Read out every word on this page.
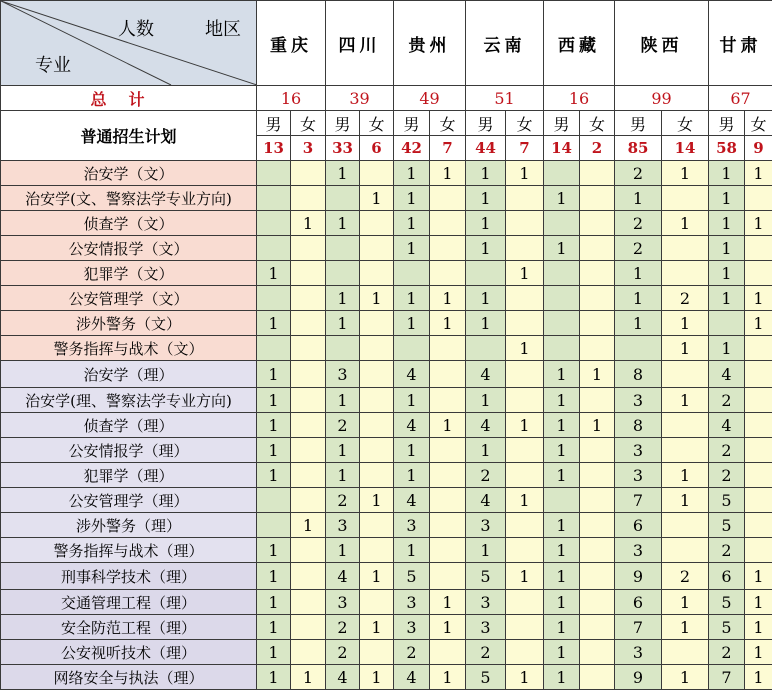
人数 地区
专业	重庆		四川		贵州		云南		西藏		陕西		甘肃	
总计	16		39		49		51		16		99		67	
普通招生计划	男	女	男	女	男	女	男	女	男	女	男	女	男	女
	13	3	33	6	42	7	44	7	14	2	85	14	58	9
治安学（文）			1		1	1	1	1			2	1	1	1
治安学(文、警察法学专业方向)				1	1		1		1		1		1	
侦查学（文）		1	1		1		1				2	1	1	1
公安情报学（文）					1		1		1		2		1	
犯罪学（文）	1							1			1		1	
公安管理学（文）			1	1	1	1	1				1	2	1	1
涉外警务（文）	1		1		1	1	1				1	1		1
警务指挥与战术（文）								1				1	1	
治安学（理）	1		3		4		4		1	1	8		4	
治安学(理、警察法学专业方向)	1		1		1		1		1		3	1	2	
侦查学（理）	1		2		4	1	4	1	1	1	8		4	
公安情报学（理）	1		1		1		1		1		3		2	
犯罪学（理）	1		1		1		2		1		3	1	2	
公安管理学（理）			2	1	4		4	1			7	1	5	
涉外警务（理）		1	3		3		3		1		6		5	
警务指挥与战术（理）	1		1		1		1		1		3		2	
刑事科学技术（理）	1		4	1	5		5	1	1		9	2	6	1
交通管理工程（理）	1		3		3	1	3		1		6	1	5	1
安全防范工程（理）	1		2	1	3	1	3		1		7	1	5	1
公安视听技术（理）	1		2		2		2		1		3		2	1
网络安全与执法（理）	1	1	4	1	4	1	5	1	1		9	1	7	1
